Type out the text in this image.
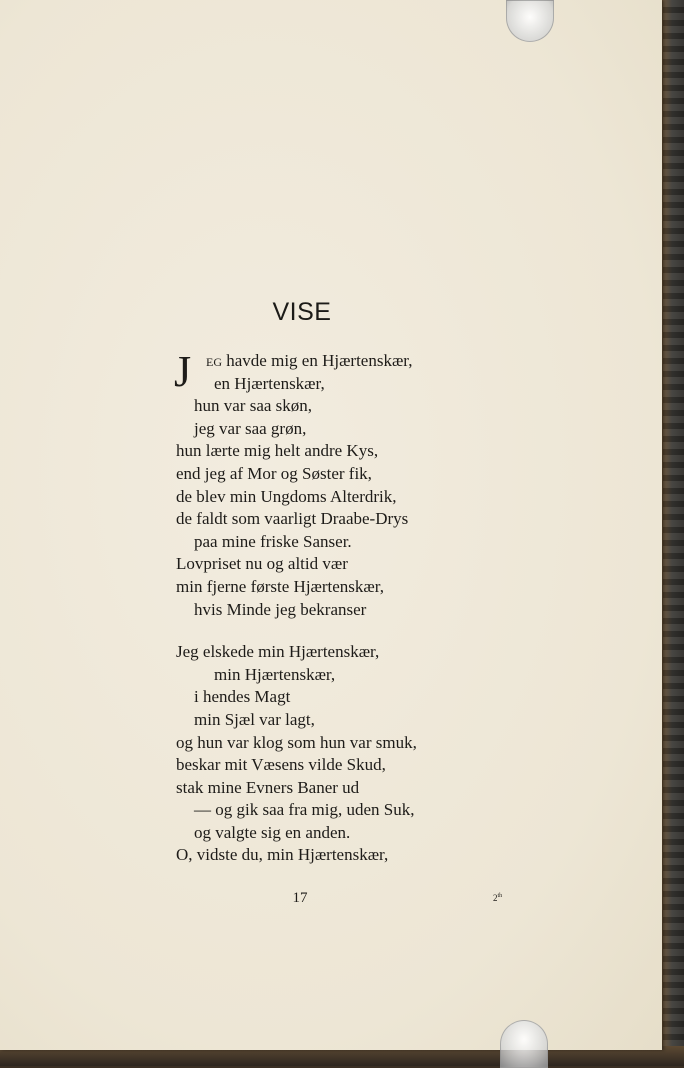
VISE
J	EG havde mig en Hjærtenskær,
en Hjærtenskær,
hun var saa skøn,
jeg var saa grøn,
hun lærte mig helt andre Kys,
end jeg af Mor og Søster fik,
de blev min Ungdoms Alterdrik,
de faldt som vaarligt Draabe-Drys
paa mine friske Sanser.
Lovpriset nu og altid vær
min fjerne første Hjærtenskær,
hvis Minde jeg bekranser
Jeg elskede min Hjærtenskær,
min Hjærtenskær,
i hendes Magt
min Sjæl var lagt,
og hun var klog som hun var smuk,
beskar mit Væsens vilde Skud,
stak mine Evners Baner ud
— og gik saa fra mig, uden Suk,
og valgte sig en anden.
O, vidste du, min Hjærtenskær,
17	2th
